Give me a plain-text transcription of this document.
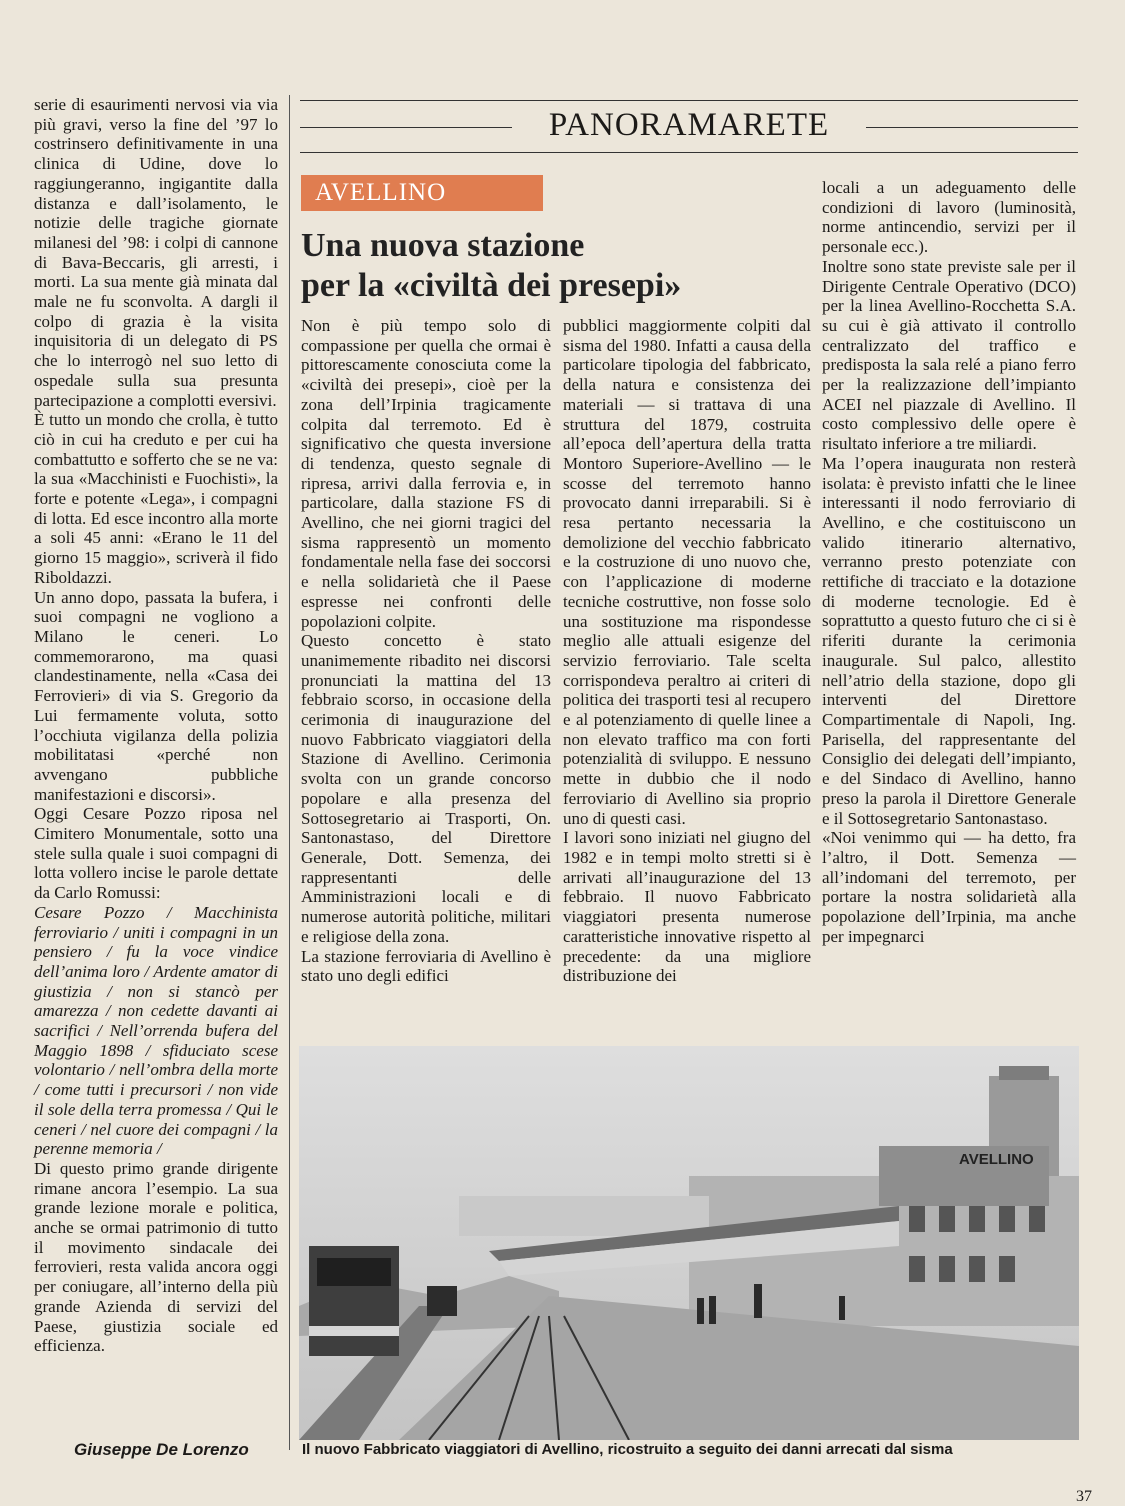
serie di esaurimenti nervosi via via più gravi, verso la fine del ’97 lo costrinsero definitivamente in una clinica di Udine, dove lo raggiungeranno, ingigantite dalla distanza e dall’isolamento, le notizie delle tragiche giornate milanesi del ’98: i colpi di cannone di Bava-Beccaris, gli arresti, i morti. La sua mente già minata dal male ne fu sconvolta. A dargli il colpo di grazia è la visita inquisitoria di un delegato di PS che lo interrogò nel suo letto di ospedale sulla sua presunta partecipazione a complotti eversivi.

È tutto un mondo che crolla, è tutto ciò in cui ha creduto e per cui ha combattutto e sofferto che se ne va: la sua «Macchinisti e Fuochisti», la forte e potente «Lega», i compagni di lotta. Ed esce incontro alla morte a soli 45 anni: «Erano le 11 del giorno 15 maggio», scriverà il fido Riboldazzi.

Un anno dopo, passata la bufera, i suoi compagni ne vogliono a Milano le ceneri. Lo commemorarono, ma quasi clandestinamente, nella «Casa dei Ferrovieri» di via S. Gregorio da Lui fermamente voluta, sotto l’occhiuta vigilanza della polizia mobilitatasi «perché non avvengano pubbliche manifestazioni e discorsi».

Oggi Cesare Pozzo riposa nel Cimitero Monumentale, sotto una stele sulla quale i suoi compagni di lotta vollero incise le parole dettate da Carlo Romussi:

Cesare Pozzo / Macchinista ferroviario / uniti i compagni in un pensiero / fu la voce vindice dell’anima loro / Ardente amator di giustizia / non si stancò per amarezza / non cedette davanti ai sacrifici / Nell’orrenda bufera del Maggio 1898 / sfiduciato scese volontario / nell’ombra della morte / come tutti i precursori / non vide il sole della terra promessa / Qui le ceneri / nel cuore dei compagni / la perenne memoria /

Di questo primo grande dirigente rimane ancora l’esempio. La sua grande lezione morale e politica, anche se ormai patrimonio di tutto il movimento sindacale dei ferrovieri, resta valida ancora oggi per coniugare, all’interno della più grande Azienda di servizi del Paese, giustizia sociale ed efficienza.

Giuseppe De Lorenzo
PANORAMARETE
AVELLINO
Una nuova stazione
per la «civiltà dei presepi»

Non è più tempo solo di compassione per quella che ormai è pittorescamente conosciuta come la «civiltà dei presepi», cioè per la zona dell’Irpinia tragicamente colpita dal terremoto. Ed è significativo che questa inversione di tendenza, questo segnale di ripresa, arrivi dalla ferrovia e, in particolare, dalla stazione FS di Avellino, che nei giorni tragici del sisma rappresentò un momento fondamentale nella fase dei soccorsi e nella solidarietà che il Paese espresse nei confronti delle popolazioni colpite.

Questo concetto è stato unanimemente ribadito nei discorsi pronunciati la mattina del 13 febbraio scorso, in occasione della cerimonia di inaugurazione del nuovo Fabbricato viaggiatori della Stazione di Avellino. Cerimonia svolta con un grande concorso popolare e alla presenza del Sottosegretario ai Trasporti, On. Santonastaso, del Direttore Generale, Dott. Semenza, dei rappresentanti delle Amministrazioni locali e di numerose autorità politiche, militari e religiose della zona.

La stazione ferroviaria di Avellino è stato uno degli edifici

pubblici maggiormente colpiti dal sisma del 1980. Infatti a causa della particolare tipologia del fabbricato, della natura e consistenza dei materiali — si trattava di una struttura del 1879, costruita all’epoca dell’apertura della tratta Montoro Superiore-Avellino — le scosse del terremoto hanno provocato danni irreparabili. Si è resa pertanto necessaria la demolizione del vecchio fabbricato e la costruzione di uno nuovo che, con l’applicazione di moderne tecniche costruttive, non fosse solo una sostituzione ma rispondesse meglio alle attuali esigenze del servizio ferroviario. Tale scelta corrispondeva peraltro ai criteri di politica dei trasporti tesi al recupero e al potenziamento di quelle linee a non elevato traffico ma con forti potenzialità di sviluppo. E nessuno mette in dubbio che il nodo ferroviario di Avellino sia proprio uno di questi casi.

I lavori sono iniziati nel giugno del 1982 e in tempi molto stretti si è arrivati all’inaugurazione del 13 febbraio. Il nuovo Fabbricato viaggiatori presenta numerose caratteristiche innovative rispetto al precedente: da una migliore distribuzione dei

locali a un adeguamento delle condizioni di lavoro (luminosità, norme antincendio, servizi per il personale ecc.).

Inoltre sono state previste sale per il Dirigente Centrale Operativo (DCO) per la linea Avellino-Rocchetta S.A. su cui è già attivato il controllo centralizzato del traffico e predisposta la sala relé a piano ferro per la realizzazione dell’impianto ACEI nel piazzale di Avellino. Il costo complessivo delle opere è risultato inferiore a tre miliardi.

Ma l’opera inaugurata non resterà isolata: è previsto infatti che le linee interessanti il nodo ferroviario di Avellino, e che costituiscono un valido itinerario alternativo, verranno presto potenziate con rettifiche di tracciato e la dotazione di moderne tecnologie. Ed è soprattutto a questo futuro che ci si è riferiti durante la cerimonia inaugurale. Sul palco, allestito nell’atrio della stazione, dopo gli interventi del Direttore Compartimentale di Napoli, Ing. Parisella, del rappresentante del Consiglio dei delegati dell’impianto, e del Sindaco di Avellino, hanno preso la parola il Direttore Generale e il Sottosegretario Santonastaso.

«Noi venimmo qui — ha detto, fra l’altro, il Dott. Semenza — all’indomani del terremoto, per portare la nostra solidarietà alla popolazione dell’Irpinia, ma anche per impegnarci

AVELLINO
Il nuovo Fabbricato viaggiatori di Avellino, ricostruito a seguito dei danni arrecati dal sisma
37
